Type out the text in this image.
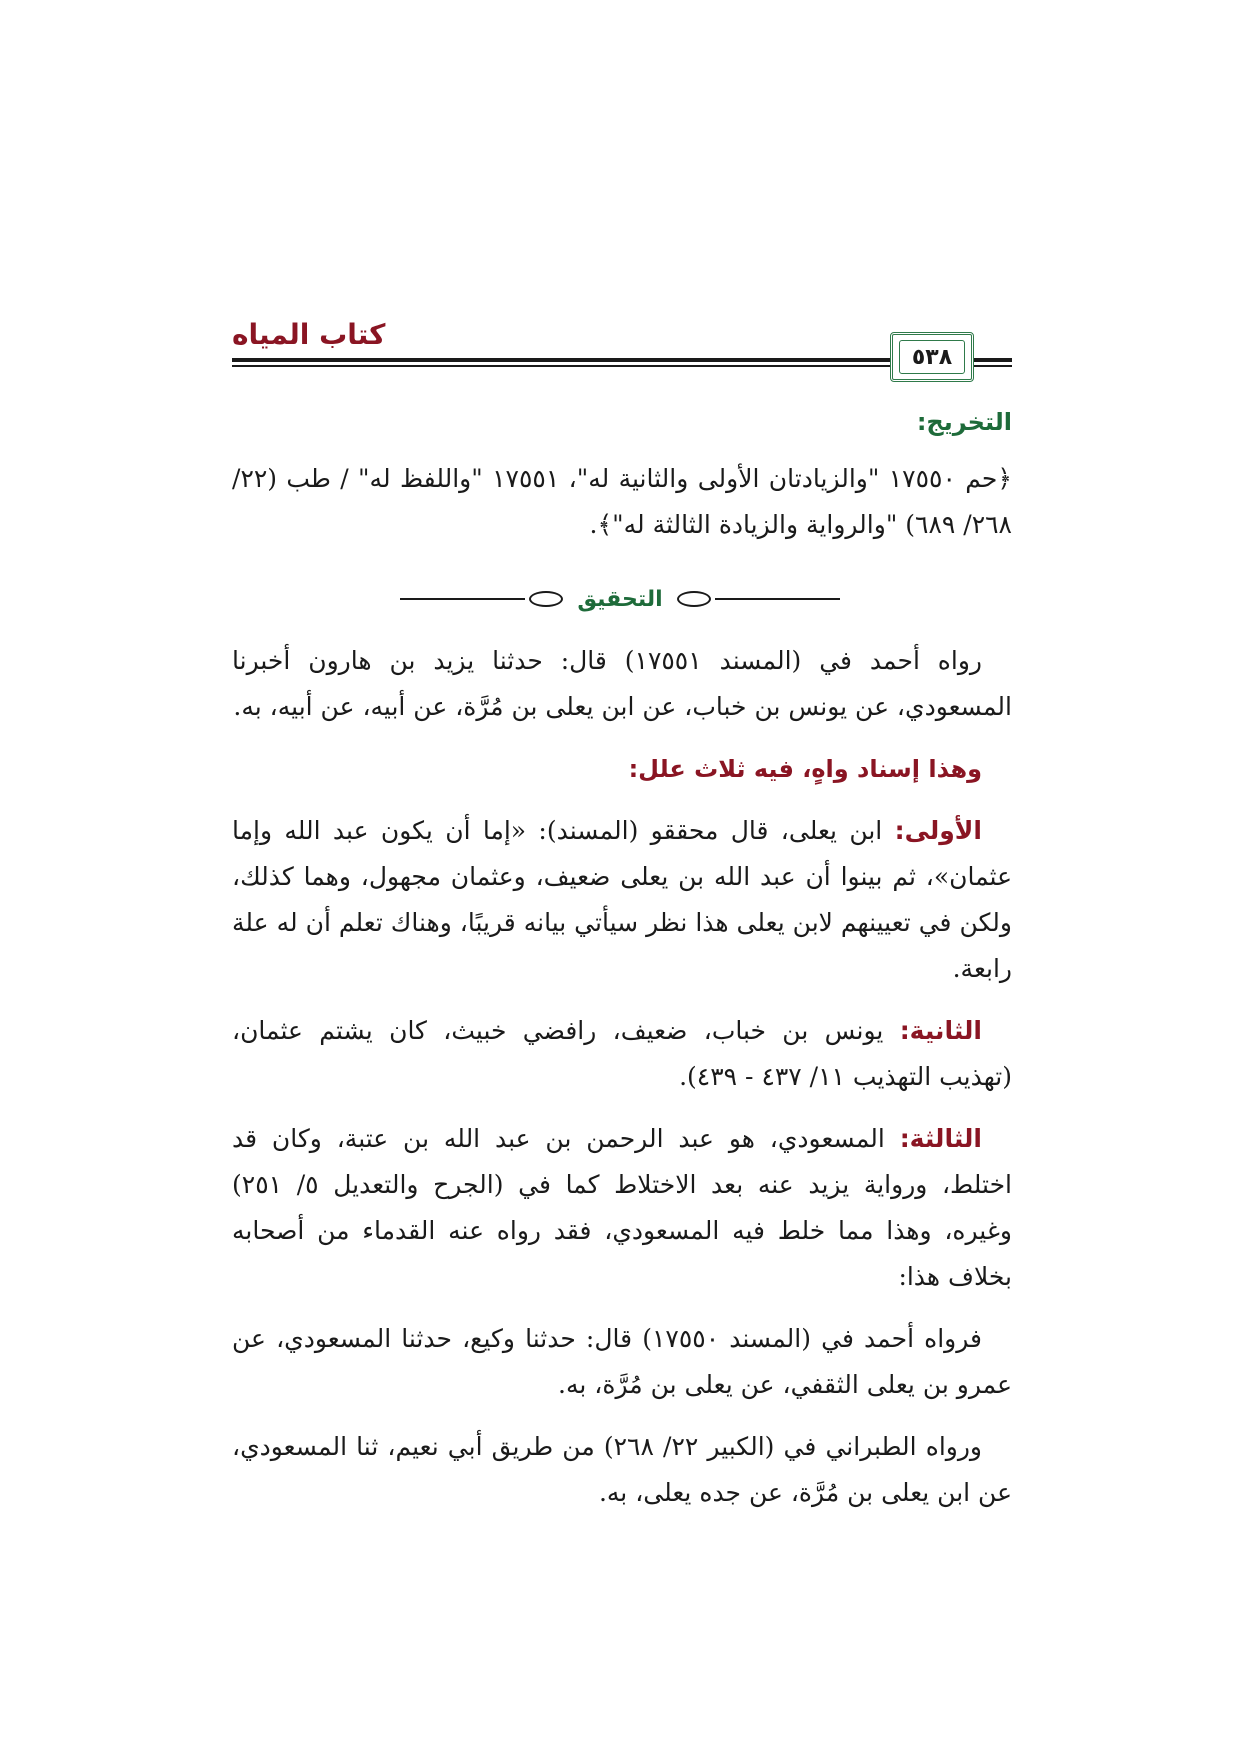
كتاب المياه
٥٣٨
التخريج:

﴿حم ١٧٥٥٠ "والزيادتان الأولى والثانية له"، ١٧٥٥١ "واللفظ له" / طب (٢٢/ ٢٦٨/ ٦٨٩) "والرواية والزيادة الثالثة له"﴾.

التحقيق

رواه أحمد في (المسند ١٧٥٥١) قال: حدثنا يزيد بن هارون أخبرنا المسعودي، عن يونس بن خباب، عن ابن يعلى بن مُرَّة، عن أبيه، عن أبيه، به.

وهذا إسناد واهٍ، فيه ثلاث علل:

الأولى: ابن يعلى، قال محققو (المسند): «إما أن يكون عبد الله وإما عثمان»، ثم بينوا أن عبد الله بن يعلى ضعيف، وعثمان مجهول، وهما كذلك، ولكن في تعيينهم لابن يعلى هذا نظر سيأتي بيانه قريبًا، وهناك تعلم أن له علة رابعة.

الثانية: يونس بن خباب، ضعيف، رافضي خبيث، كان يشتم عثمان، (تهذيب التهذيب ١١/ ٤٣٧ - ٤٣٩).

الثالثة: المسعودي، هو عبد الرحمن بن عبد الله بن عتبة، وكان قد اختلط، ورواية يزيد عنه بعد الاختلاط كما في (الجرح والتعديل ٥/ ٢٥١) وغيره، وهذا مما خلط فيه المسعودي، فقد رواه عنه القدماء من أصحابه بخلاف هذا:

فرواه أحمد في (المسند ١٧٥٥٠) قال: حدثنا وكيع، حدثنا المسعودي، عن عمرو بن يعلى الثقفي، عن يعلى بن مُرَّة، به.

ورواه الطبراني في (الكبير ٢٢/ ٢٦٨) من طريق أبي نعيم، ثنا المسعودي، عن ابن يعلى بن مُرَّة، عن جده يعلى، به.
